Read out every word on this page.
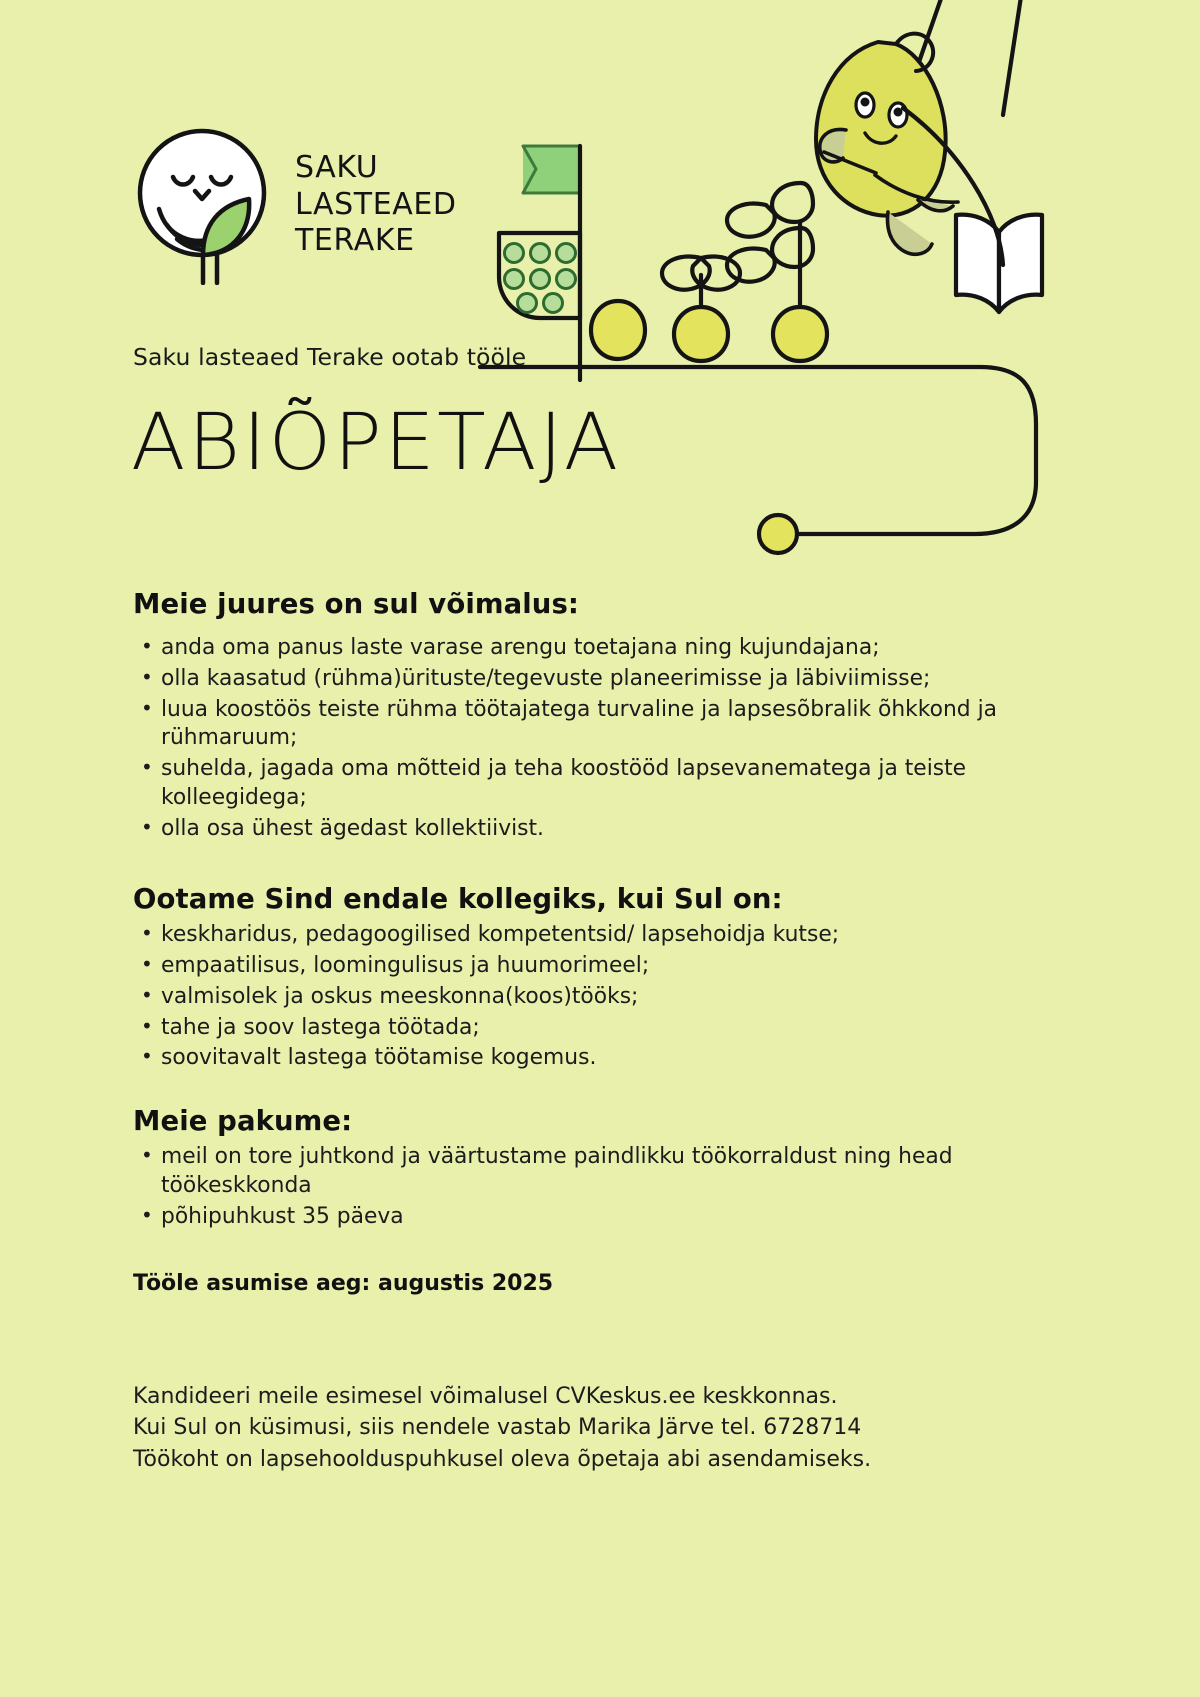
SAKU
LASTEAED
TERAKE
Saku lasteaed Terake ootab tööle
ABIÕPETAJA
Meie juures on sul võimalus:
• anda oma panus laste varase arengu toetajana ning kujundajana;
• olla kaasatud (rühma)ürituste/tegevuste planeerimisse ja läbiviimisse;
• luua koostöös teiste rühma töötajatega turvaline ja lapsesõbralik õhkkond ja rühmaruum;
• suhelda, jagada oma mõtteid ja teha koostööd lapsevanematega ja teiste kolleegidega;
• olla osa ühest ägedast kollektiivist.
Ootame Sind endale kollegiks, kui Sul on:
• keskharidus, pedagoogilised kompetentsid/ lapsehoidja kutse;
• empaatilisus, loomingulisus ja huumorimeel;
• valmisolek ja oskus meeskonna(koos)tööks;
• tahe ja soov lastega töötada;
• soovitavalt lastega töötamise kogemus.
Meie pakume:
• meil on tore juhtkond ja väärtustame paindlikku töökorraldust ning head töökeskkonda
• põhipuhkust 35 päeva
Tööle asumise aeg: augustis 2025
Kandideeri meile esimesel võimalusel CVKeskus.ee keskkonnas.
Kui Sul on küsimusi, siis nendele vastab Marika Järve tel. 6728714
Töökoht on lapsehoolduspuhkusel oleva õpetaja abi asendamiseks.
